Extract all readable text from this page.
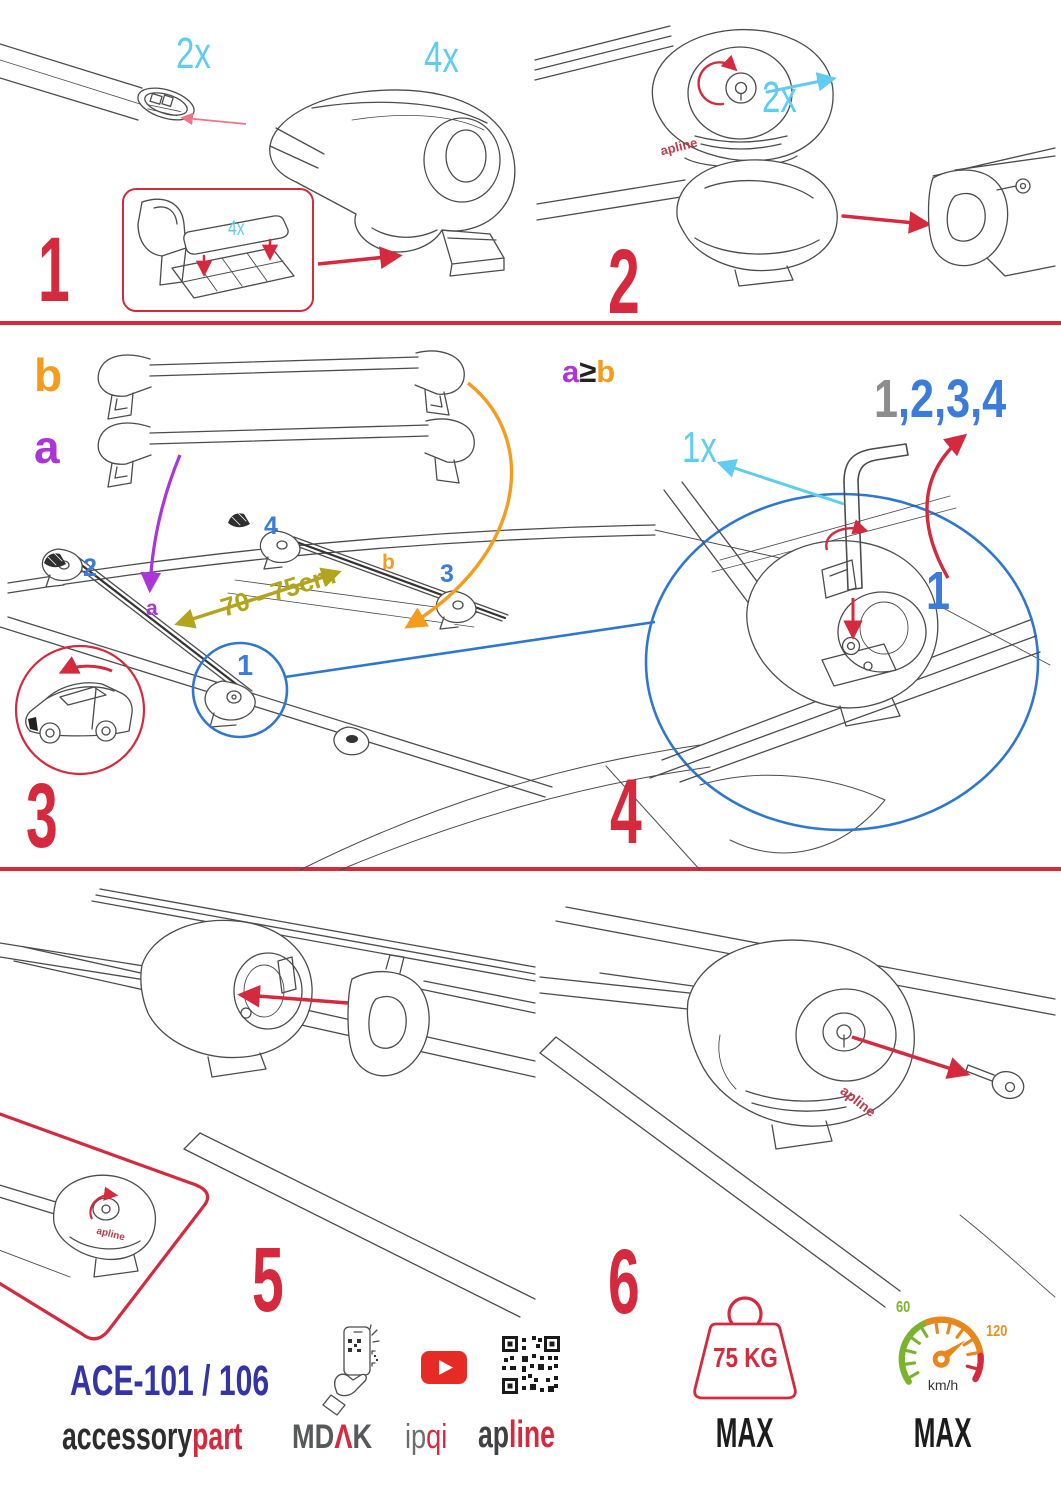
2x	4x
4x
1
2x
apline
2
b
a
2
4
3
b
a	70 - 75cm
1
3
a≥b	1,2,3,4
1x
1
4
apline 5
apline
6
ACE-101 / 106
accessorypart	MDΛK ipqi apline
75 KG
MAX
60
120
km/h
MAX
